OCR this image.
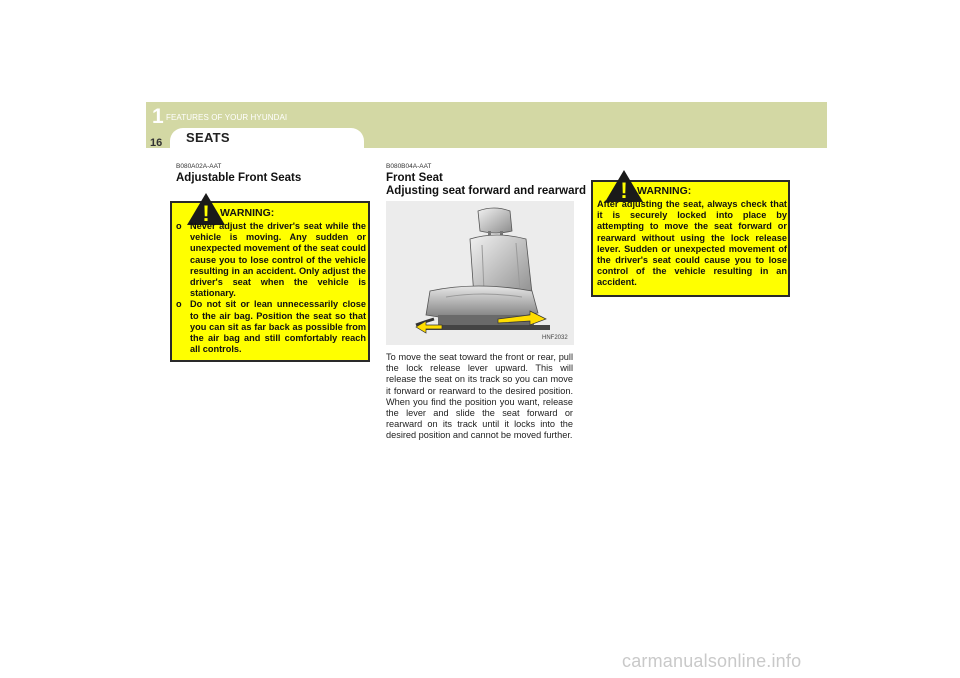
1 FEATURES OF YOUR HYUNDAI
SEATS
16
B080A02A-AAT
Adjustable Front Seats
! WARNING:
o Never adjust the driver's seat while the vehicle is moving. Any sudden or unexpected movement of the seat could cause you to lose control of the vehicle resulting in an accident. Only adjust the driver's seat when the vehicle is stationary.
o Do not sit or lean unnecessarily close to the air bag. Position the seat so that you can sit as far back as possible from the air bag and still comfortably reach all controls.
B080B04A-AAT
Front Seat
Adjusting seat forward and rearward
HNF2032

To move the seat toward the front or rear, pull the lock release lever upward. This will release the seat on its track so you can move it forward or rearward to the desired position. When you find the position you want, release the lever and slide the seat forward or rearward on its track until it locks into the desired position and cannot be moved further.

! WARNING:

After adjusting the seat, always check that it is securely locked into place by attempting to move the seat forward or rearward without using the lock release lever. Sudden or unexpected movement of the driver's seat could cause you to lose control of the vehicle resulting in an accident.

carmanualsonline.info
